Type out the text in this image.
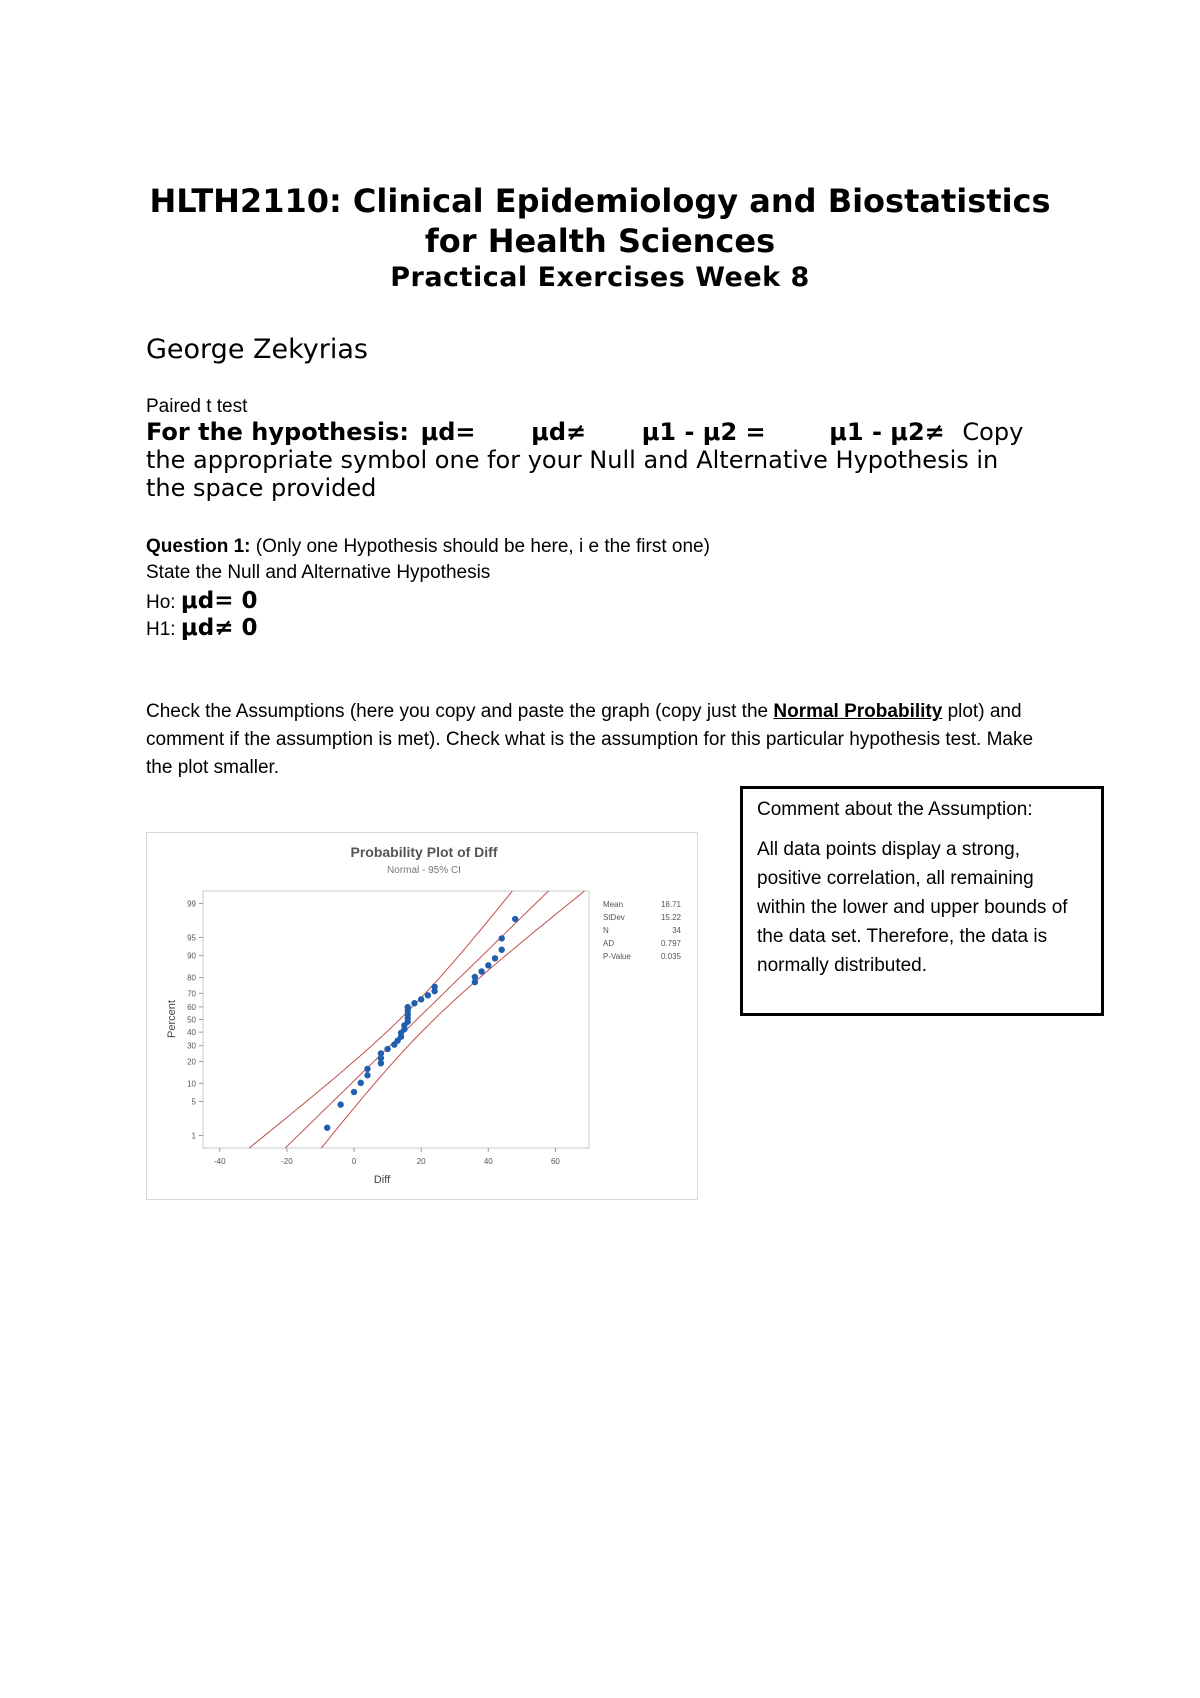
HLTH2110: Clinical Epidemiology and Biostatistics
for Health Sciences
Practical Exercises Week 8
George Zekyrias
Paired t test
For the hypothesis: μd= μd≠ μ1 - μ2 =	μ1 - μ2≠ Copy the appropriate symbol one for your Null and Alternative Hypothesis in the space provided
Question 1: (Only one Hypothesis should be here, i e the first one)
State the Null and Alternative Hypothesis
Ho: μd= 0
H1: μd≠ 0
Check the Assumptions (here you copy and paste the graph (copy just the Normal Probability plot) and comment if the assumption is met). Check what is the assumption for this particular hypothesis test. Make the plot smaller.
Comment about the Assumption:
All data points display a strong, positive correlation, all remaining within the lower and upper bounds of the data set. Therefore, the data is normally distributed.
Probability Plot of Diff
Normal - 95% CI
1
5
10
20
30
40
50
60
70
80
90
95
99
-40	-20	0	20	40	60
Diff
Percent
Mean	18.71
StDev	15.22
N	34
AD	0.797
P-Value	0.035
